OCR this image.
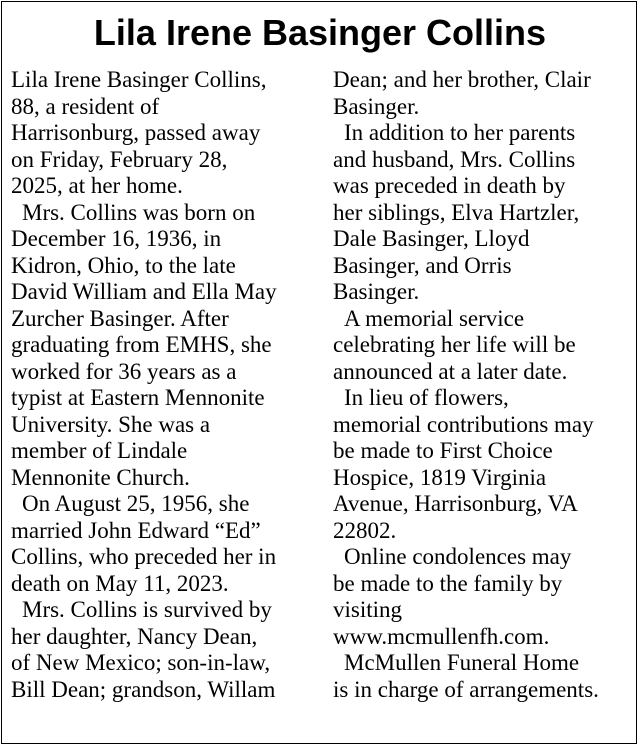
Lila Irene Basinger Collins
Lila Irene Basinger Collins,
88, a resident of
Harrisonburg, passed away
on Friday, February 28,
2025, at her home.
Mrs. Collins was born on
December 16, 1936, in
Kidron, Ohio, to the late
David William and Ella May
Zurcher Basinger. After
graduating from EMHS, she
worked for 36 years as a
typist at Eastern Mennonite
University. She was a
member of Lindale
Mennonite Church.
On August 25, 1956, she
married John Edward “Ed”
Collins, who preceded her in
death on May 11, 2023.
Mrs. Collins is survived by
her daughter, Nancy Dean,
of New Mexico; son-in-law,
Bill Dean; grandson, Willam
Dean; and her brother, Clair
Basinger.
In addition to her parents
and husband, Mrs. Collins
was preceded in death by
her siblings, Elva Hartzler,
Dale Basinger, Lloyd
Basinger, and Orris
Basinger.
A memorial service
celebrating her life will be
announced at a later date.
In lieu of flowers,
memorial contributions may
be made to First Choice
Hospice, 1819 Virginia
Avenue, Harrisonburg, VA
22802.
Online condolences may
be made to the family by
visiting
www.mcmullenfh.com.
McMullen Funeral Home
is in charge of arrangements.
